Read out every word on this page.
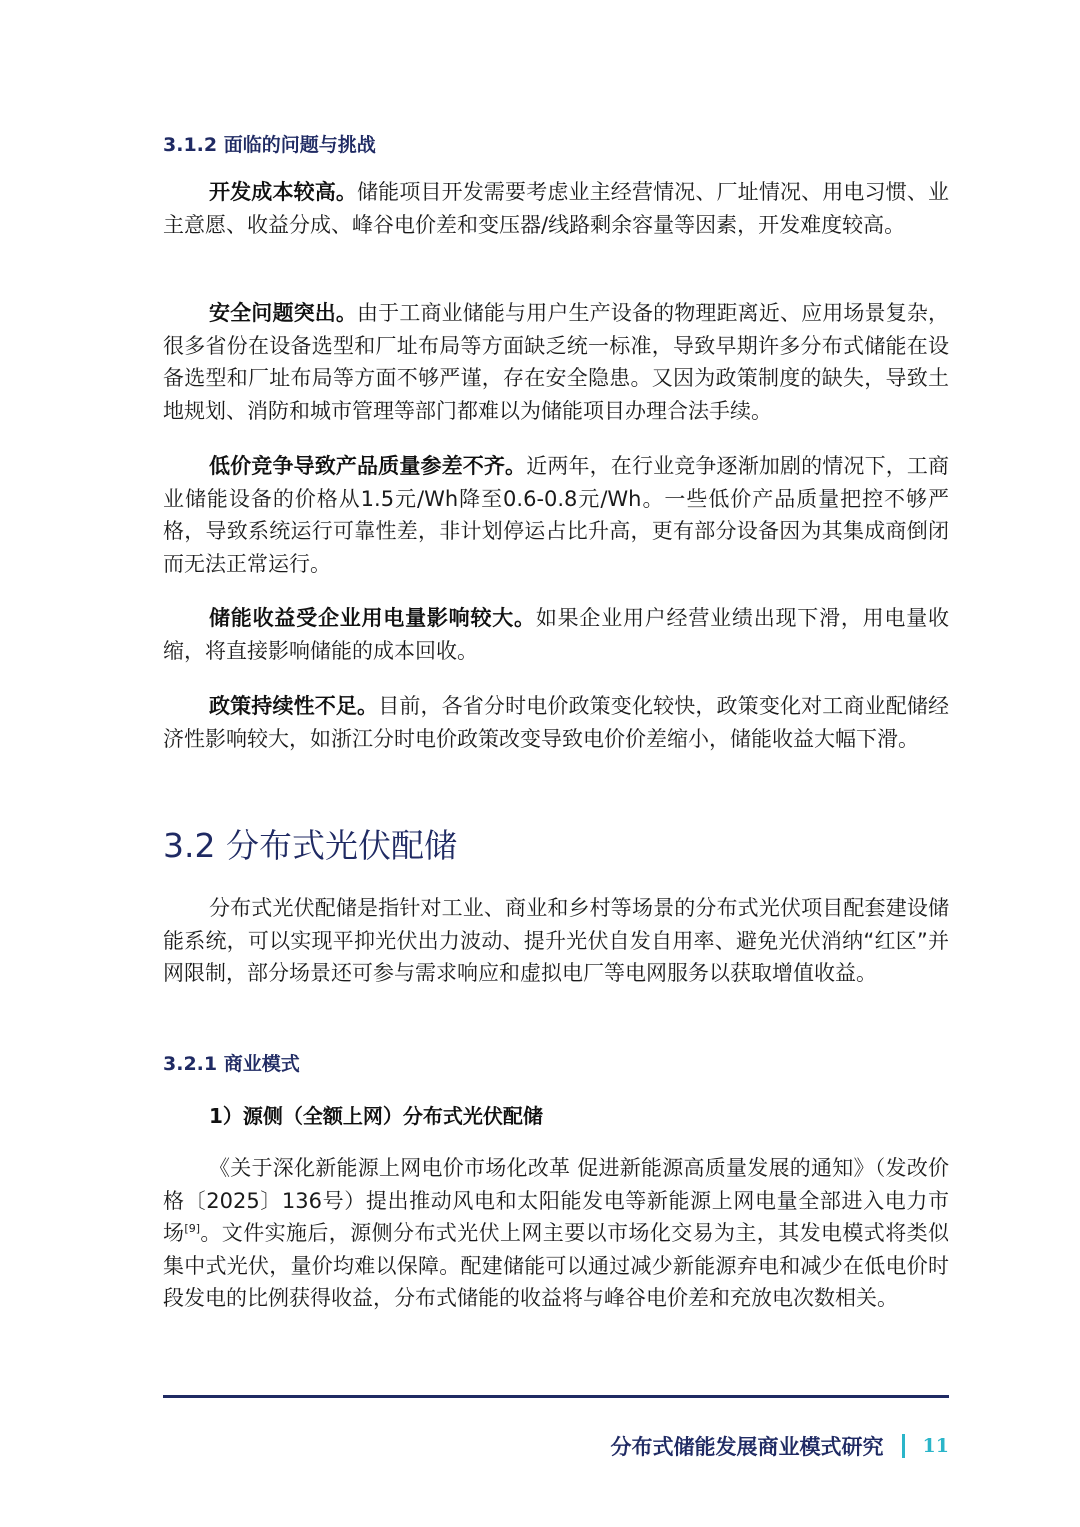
3.1.2 面临的问题与挑战
开发成本较高。储能项目开发需要考虑业主经营情况、厂址情况、用电习惯、业主意愿、收益分成、峰谷电价差和变压器/线路剩余容量等因素，开发难度较高。
安全问题突出。由于工商业储能与用户生产设备的物理距离近、应用场景复杂，很多省份在设备选型和厂址布局等方面缺乏统一标准，导致早期许多分布式储能在设备选型和厂址布局等方面不够严谨，存在安全隐患。又因为政策制度的缺失，导致土地规划、消防和城市管理等部门都难以为储能项目办理合法手续。
低价竞争导致产品质量参差不齐。近两年，在行业竞争逐渐加剧的情况下，工商业储能设备的价格从1.5元/Wh降至0.6-0.8元/Wh。一些低价产品质量把控不够严格，导致系统运行可靠性差，非计划停运占比升高，更有部分设备因为其集成商倒闭而无法正常运行。
储能收益受企业用电量影响较大。如果企业用户经营业绩出现下滑，用电量收缩，将直接影响储能的成本回收。
政策持续性不足。目前，各省分时电价政策变化较快，政策变化对工商业配储经济性影响较大，如浙江分时电价政策改变导致电价价差缩小，储能收益大幅下滑。
3.2 分布式光伏配储
分布式光伏配储是指针对工业、商业和乡村等场景的分布式光伏项目配套建设储能系统，可以实现平抑光伏出力波动、提升光伏自发自用率、避免光伏消纳“红区”并网限制，部分场景还可参与需求响应和虚拟电厂等电网服务以获取增值收益。
3.2.1 商业模式
1）源侧（全额上网）分布式光伏配储
《关于深化新能源上网电价市场化改革 促进新能源高质量发展的通知》（发改价格〔2025〕136号）提出推动风电和太阳能发电等新能源上网电量全部进入电力市场[9]。文件实施后，源侧分布式光伏上网主要以市场化交易为主，其发电模式将类似集中式光伏，量价均难以保障。配建储能可以通过减少新能源弃电和减少在低电价时段发电的比例获得收益，分布式储能的收益将与峰谷电价差和充放电次数相关。
分布式储能发展商业模式研究 11
